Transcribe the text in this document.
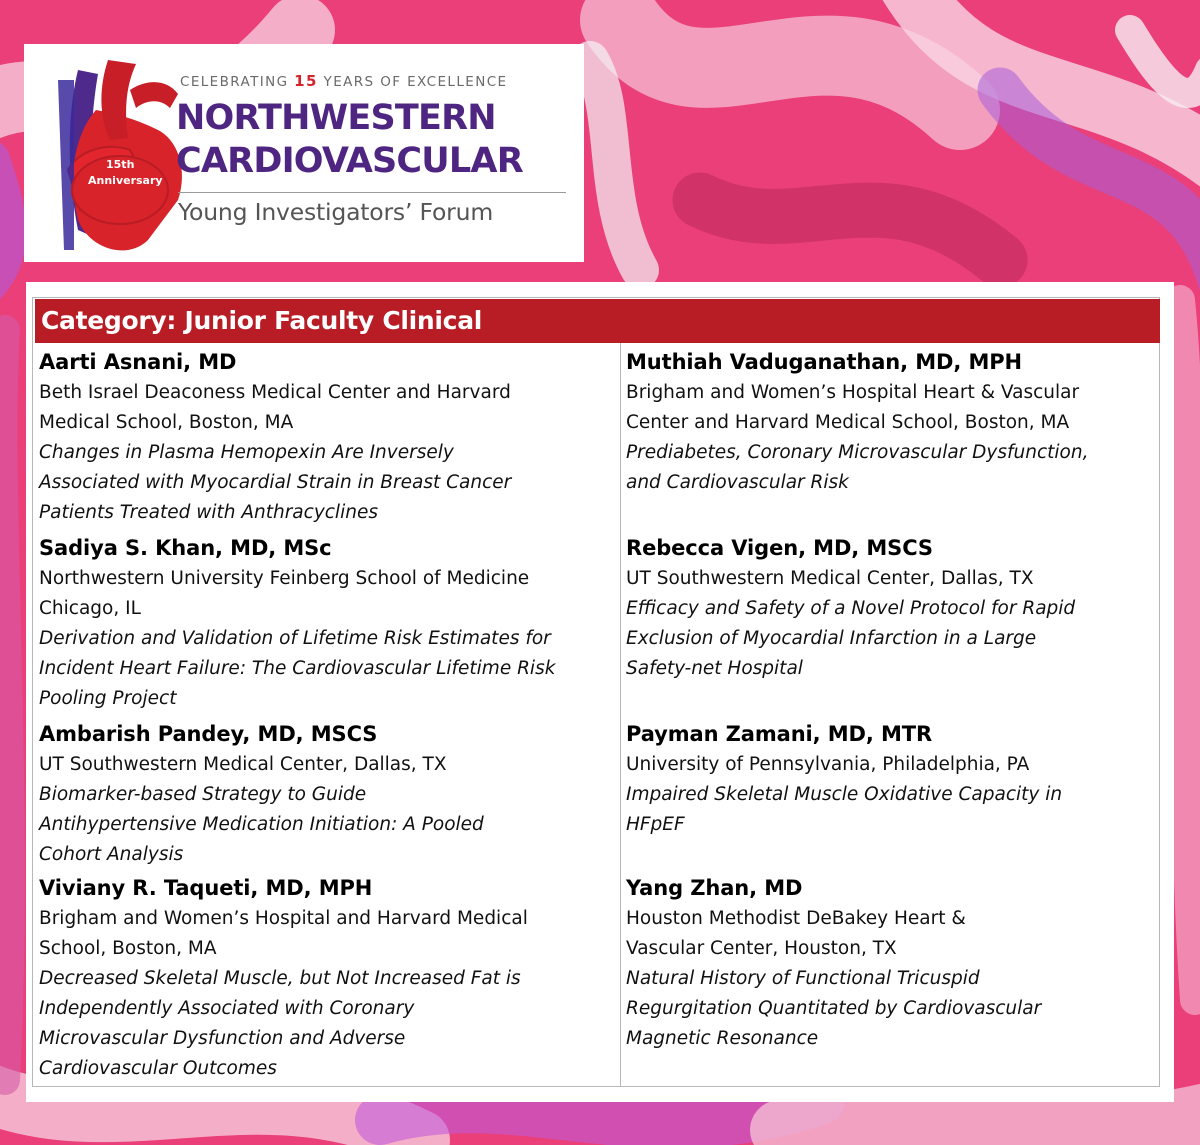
15th
Anniversary
CELEBRATING 15 YEARS OF EXCELLENCE
NORTHWESTERN
CARDIOVASCULAR
Young Investigators’ Forum
Category: Junior Faculty Clinical
Aarti Asnani, MD
Beth Israel Deaconess Medical Center and Harvard
Medical School, Boston, MA
Changes in Plasma Hemopexin Are Inversely
Associated with Myocardial Strain in Breast Cancer
Patients Treated with Anthracyclines
Sadiya S. Khan, MD, MSc
Northwestern University Feinberg School of Medicine
Chicago, IL
Derivation and Validation of Lifetime Risk Estimates for
Incident Heart Failure: The Cardiovascular Lifetime Risk
Pooling Project
Ambarish Pandey, MD, MSCS
UT Southwestern Medical Center, Dallas, TX
Biomarker-based Strategy to Guide
Antihypertensive Medication Initiation: A Pooled
Cohort Analysis
Viviany R. Taqueti, MD, MPH
Brigham and Women’s Hospital and Harvard Medical
School, Boston, MA
Decreased Skeletal Muscle, but Not Increased Fat is
Independently Associated with Coronary
Microvascular Dysfunction and Adverse
Cardiovascular Outcomes
Muthiah Vaduganathan, MD, MPH
Brigham and Women’s Hospital Heart & Vascular
Center and Harvard Medical School, Boston, MA
Prediabetes, Coronary Microvascular Dysfunction,
and Cardiovascular Risk
Rebecca Vigen, MD, MSCS
UT Southwestern Medical Center, Dallas, TX
Efficacy and Safety of a Novel Protocol for Rapid
Exclusion of Myocardial Infarction in a Large
Safety-net Hospital
Payman Zamani, MD, MTR
University of Pennsylvania, Philadelphia, PA
Impaired Skeletal Muscle Oxidative Capacity in
HFpEF
Yang Zhan, MD
Houston Methodist DeBakey Heart &
Vascular Center, Houston, TX
Natural History of Functional Tricuspid
Regurgitation Quantitated by Cardiovascular
Magnetic Resonance
